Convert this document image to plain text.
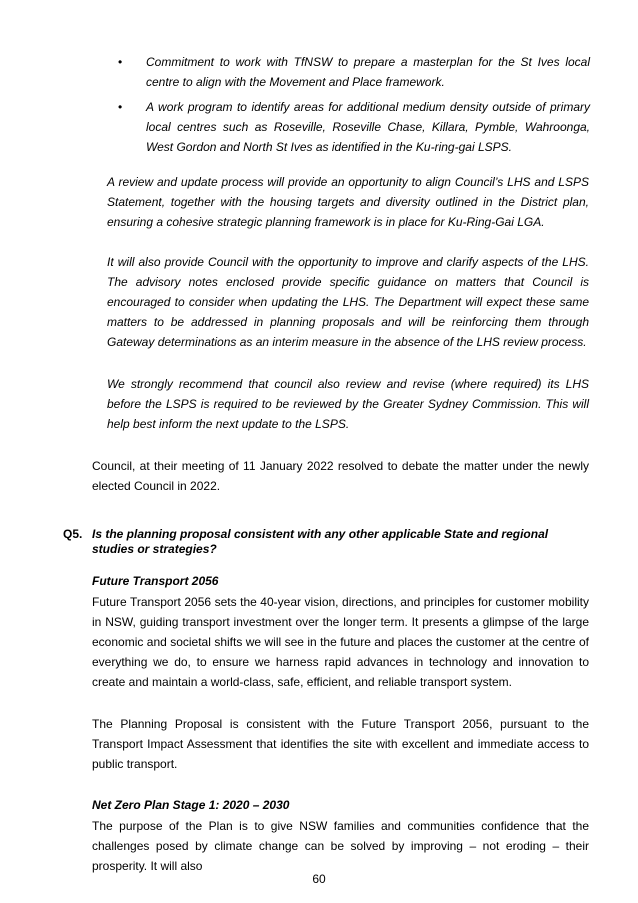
• Commitment to work with TfNSW to prepare a masterplan for the St Ives local centre to align with the Movement and Place framework.
• A work program to identify areas for additional medium density outside of primary local centres such as Roseville, Roseville Chase, Killara, Pymble, Wahroonga, West Gordon and North St Ives as identified in the Ku-ring-gai LSPS.

A review and update process will provide an opportunity to align Council’s LHS and LSPS Statement, together with the housing targets and diversity outlined in the District plan, ensuring a cohesive strategic planning framework is in place for Ku-Ring-Gai LGA.

It will also provide Council with the opportunity to improve and clarify aspects of the LHS. The advisory notes enclosed provide specific guidance on matters that Council is encouraged to consider when updating the LHS. The Department will expect these same matters to be addressed in planning proposals and will be reinforcing them through Gateway determinations as an interim measure in the absence of the LHS review process.

We strongly recommend that council also review and revise (where required) its LHS before the LSPS is required to be reviewed by the Greater Sydney Commission. This will help best inform the next update to the LSPS.

Council, at their meeting of 11 January 2022 resolved to debate the matter under the newly elected Council in 2022.

Q5. Is the planning proposal consistent with any other applicable State and regional studies or strategies?
Future Transport 2056

Future Transport 2056 sets the 40-year vision, directions, and principles for customer mobility in NSW, guiding transport investment over the longer term. It presents a glimpse of the large economic and societal shifts we will see in the future and places the customer at the centre of everything we do, to ensure we harness rapid advances in technology and innovation to create and maintain a world-class, safe, efficient, and reliable transport system.

The Planning Proposal is consistent with the Future Transport 2056, pursuant to the Transport Impact Assessment that identifies the site with excellent and immediate access to public transport.

Net Zero Plan Stage 1: 2020 – 2030

The purpose of the Plan is to give NSW families and communities confidence that the challenges posed by climate change can be solved by improving – not eroding – their prosperity. It will also

60
